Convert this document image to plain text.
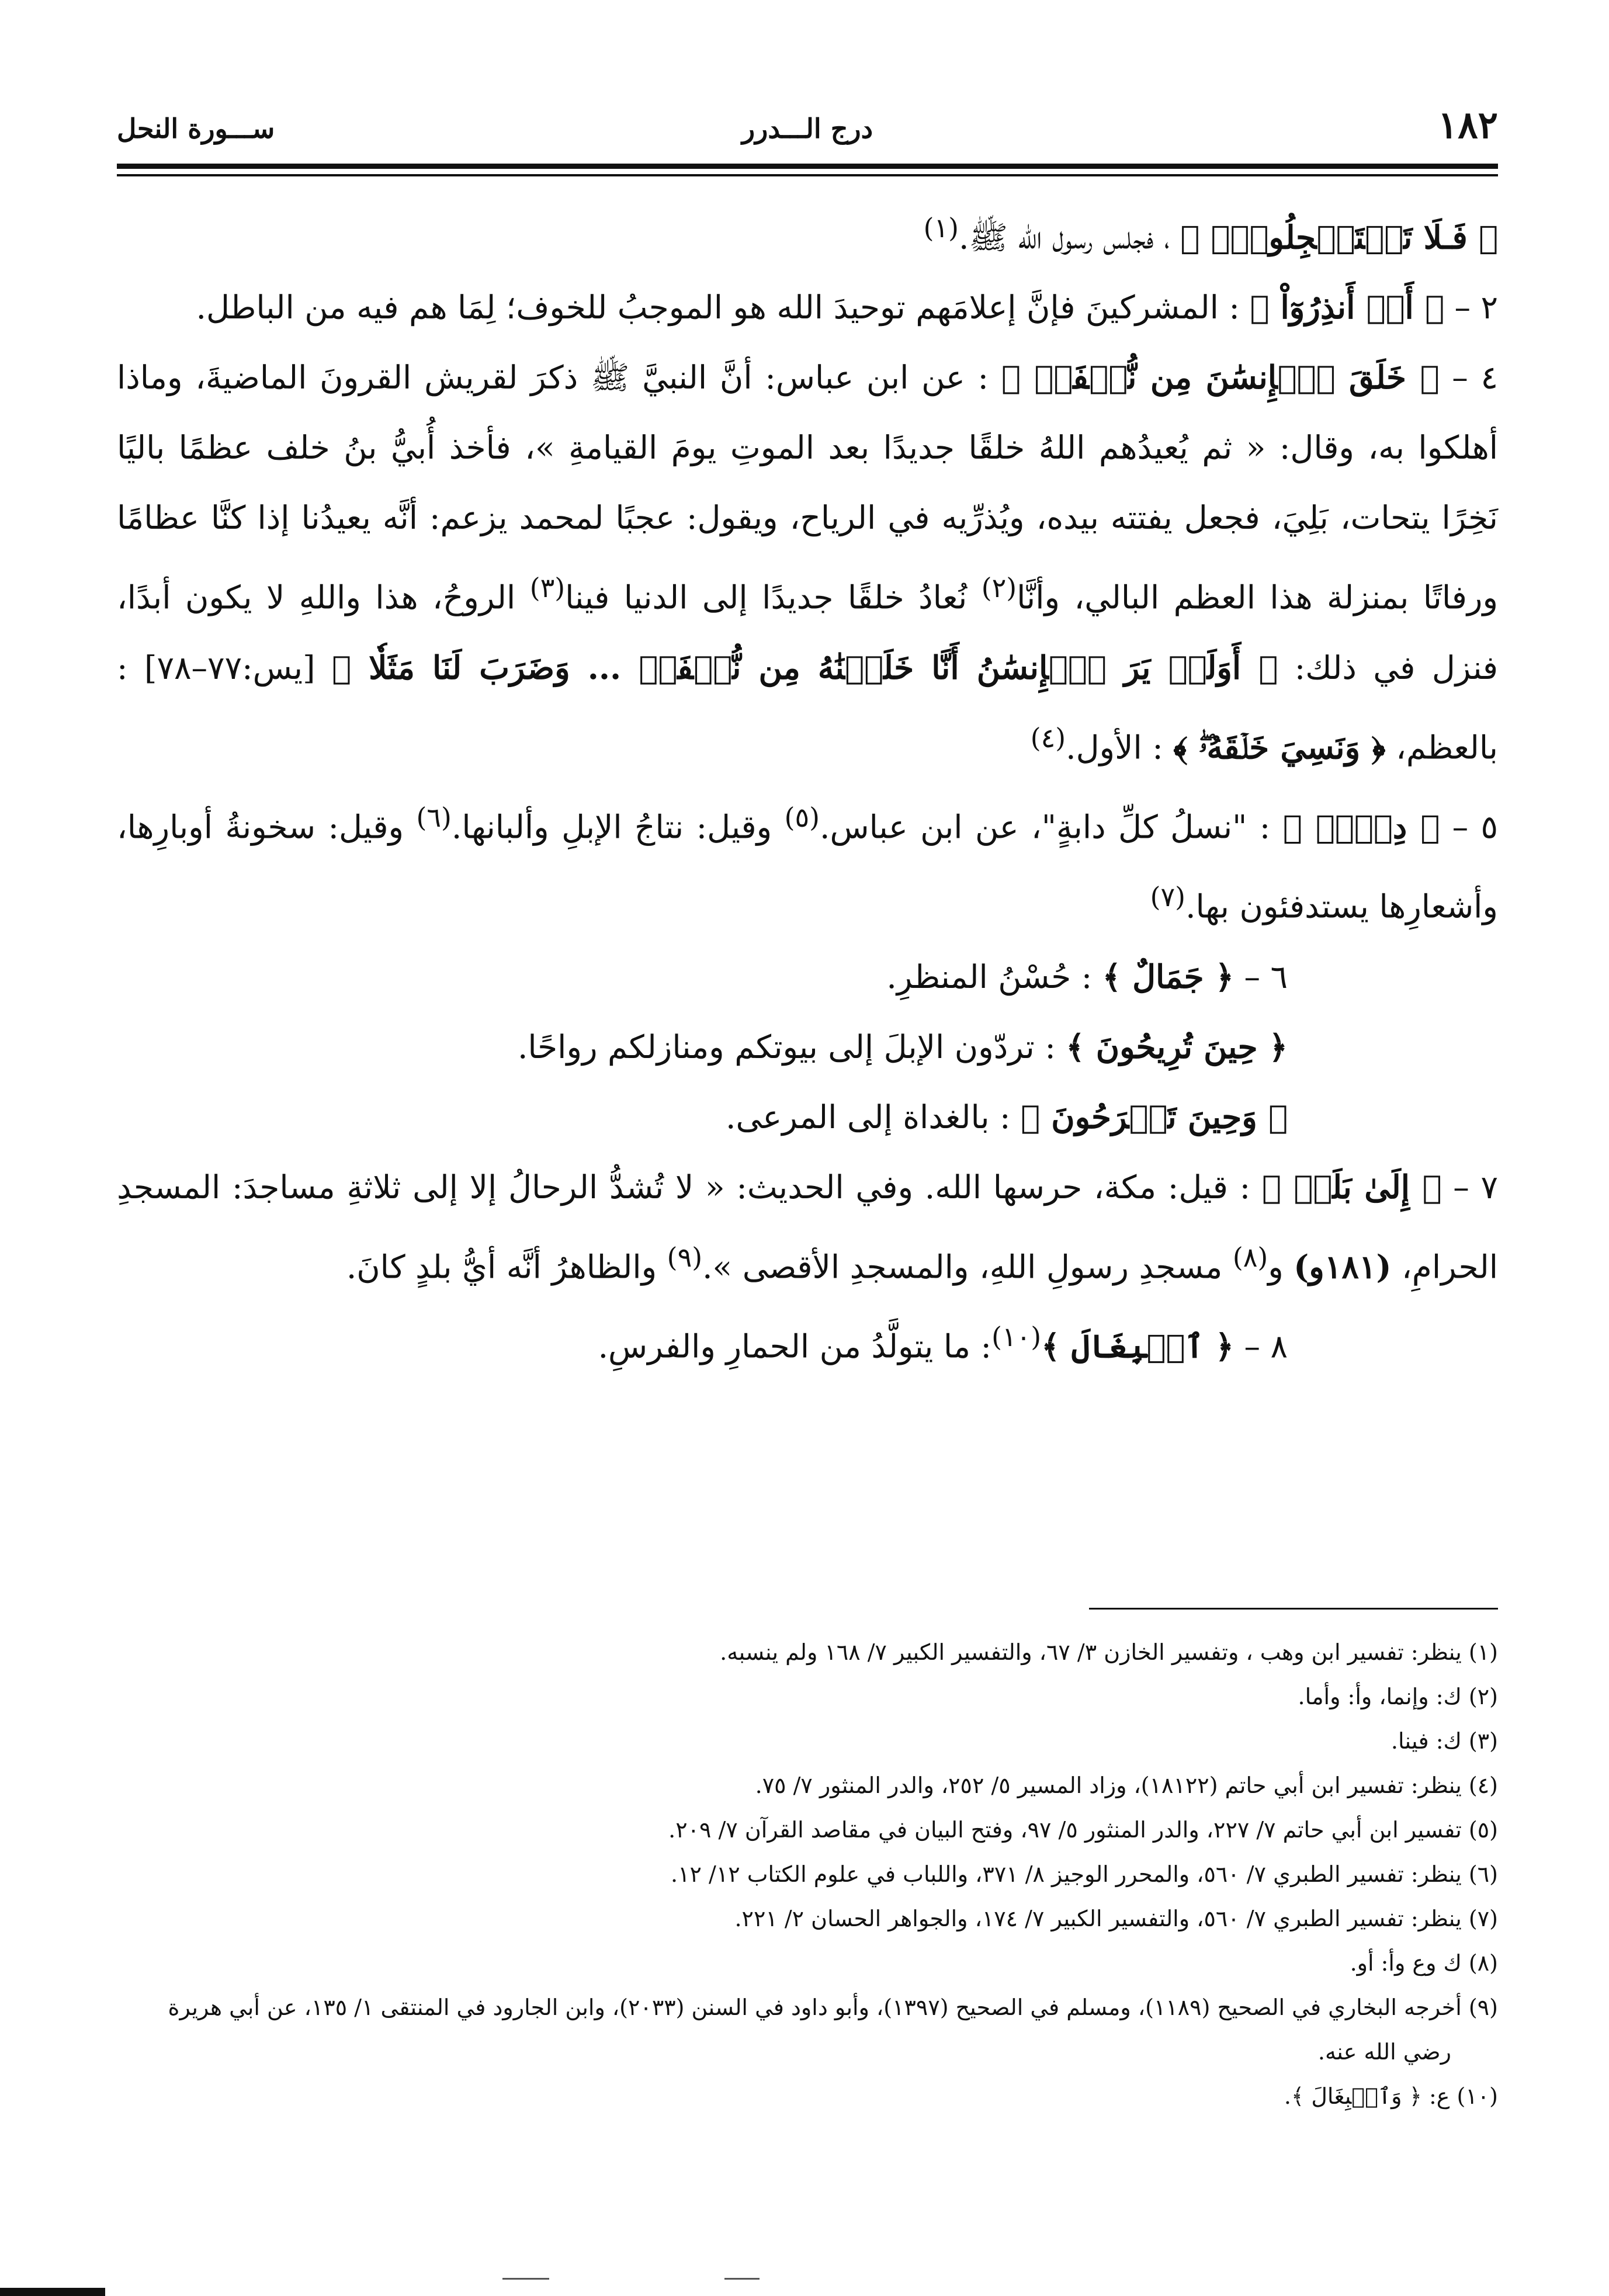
١٨٢
درج الـــدرر
ســـورة النحل

﴿ فَـلَا تَسۡتَعۡجِلُوهُۚ ﴾ ، فجلس رسول الله ﷺ.$^{(١)}$

٢ – ﴿ أَنۡ أَنذِرُوٓاْ ﴾ : المشركينَ فإنَّ إعلامَهم توحيدَ الله هو الموجبُ للخوف؛ لِمَا هم فيه من الباطل.

٤ – ﴿ خَلَقَ ٱلۡإِنسَٰنَ مِن نُّطۡفَةٖ ﴾ : عن ابن عباس: أنَّ النبيَّ ﷺ ذكرَ لقريش القرونَ الماضيةَ، وماذا أهلكوا به، وقال: « ثم يُعيدُهم اللهُ خلقًا جديدًا بعد الموتِ يومَ القيامةِ »، فأخذ أُبيُّ بنُ خلف عظمًا باليًا نَخِرًا يتحات، بَلِيَ، فجعل يفتته بيده، ويُذرِّيه في الرياح، ويقول: عجبًا لمحمد يزعم: أنَّه يعيدُنا إذا كنَّا عظامًا ورفاتًا بمنزلة هذا العظم البالي، وأنَّا$^{(٢)}$ نُعادُ خلقًا جديدًا إلى الدنيا فينا$^{(٣)}$ الروحُ، هذا واللهِ لا يكون أبدًا، فنزل في ذلك: ﴿ أَوَلَمۡ يَرَ ٱلۡإِنسَٰنُ أَنَّا خَلَقۡنَٰهُ مِن نُّطۡفَةٖ ... وَضَرَبَ لَنَا مَثَلٗا ﴾ [يس:٧٧–٧٨] : بالعظم، ﴿ وَنَسِيَ خَلۡقَهُۥۖ ﴾ : الأول.$^{(٤)}$

٥ – ﴿ دِفۡءٞ ﴾ : "نسلُ كلِّ دابةٍ"، عن ابن عباس.$^{(٥)}$ وقيل: نتاجُ الإبلِ وألبانها.$^{(٦)}$ وقيل: سخونةُ أوبارِها، وأشعارِها يستدفئون بها.$^{(٧)}$

٦ – ﴿ جَمَالٌ ﴾ : حُسْنُ المنظرِ.

﴿ حِينَ تُرِيحُونَ ﴾ : تردّون الإبلَ إلى بيوتكم ومنازلكم رواحًا.

﴿ وَحِينَ تَسۡرَحُونَ ﴾ : بالغداة إلى المرعى.

٧ – ﴿ إِلَىٰ بَلَدٖ ﴾ : قيل: مكة، حرسها الله. وفي الحديث: « لا تُشدُّ الرحالُ إلا إلى ثلاثةِ مساجدَ: المسجدِ الحرامِ، (١٨١و) و$^{(٨)}$ مسجدِ رسولِ اللهِ، والمسجدِ الأقصى ».$^{(٩)}$ والظاهرُ أنَّه أيُّ بلدٍ كانَ.

٨ – ﴿ ٱلۡبِغَالَ ﴾$^{(١٠)}$: ما يتولَّدُ من الحمارِ والفرسِ.

(١) ينظر: تفسير ابن وهب ، وتفسير الخازن ٣/ ٦٧، والتفسير الكبير ٧/ ١٦٨ ولم ينسبه.

(٢) ك: وإنما، وأ: وأما.

(٣) ك: فينا.

(٤) ينظر: تفسير ابن أبي حاتم (١٨١٢٢)، وزاد المسير ٥/ ٢٥٢، والدر المنثور ٧/ ٧٥.

(٥) تفسير ابن أبي حاتم ٧/ ٢٢٧، والدر المنثور ٥/ ٩٧، وفتح البيان في مقاصد القرآن ٧/ ٢٠٩.

(٦) ينظر: تفسير الطبري ٧/ ٥٦٠، والمحرر الوجيز ٨/ ٣٧١، واللباب في علوم الكتاب ١٢/ ١٢.

(٧) ينظر: تفسير الطبري ٧/ ٥٦٠، والتفسير الكبير ٧/ ١٧٤، والجواهر الحسان ٢/ ٢٢١.

(٨) ك وع وأ: أو.

(٩) أخرجه البخاري في الصحيح (١١٨٩)، ومسلم في الصحيح (١٣٩٧)، وأبو داود في السنن (٢٠٣٣)، وابن الجارود في المنتقى ١/ ١٣٥، عن أبي هريرة رضي الله عنه.

(١٠) ع: ﴿ وَٱلۡبِغَالَ ﴾.
